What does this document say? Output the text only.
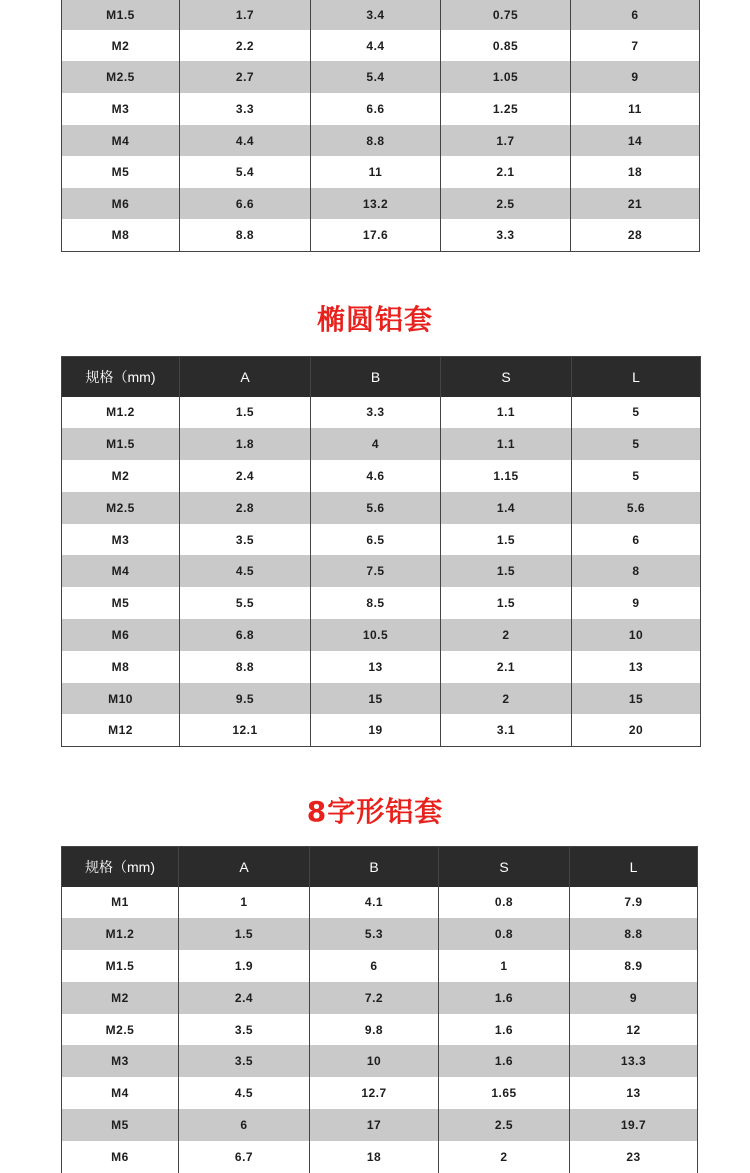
M1.5	1.7	3.4	0.75	6
M2	2.2	4.4	0.85	7
M2.5	2.7	5.4	1.05	9
M3	3.3	6.6	1.25	11
M4	4.4	8.8	1.7	14
M5	5.4	11	2.1	18
M6	6.6	13.2	2.5	21
M8	8.8	17.6	3.3	28
椭圆铝套
规格（mm)	A	B	S	L
M1.2	1.5	3.3	1.1	5
M1.5	1.8	4	1.1	5
M2	2.4	4.6	1.15	5
M2.5	2.8	5.6	1.4	5.6
M3	3.5	6.5	1.5	6
M4	4.5	7.5	1.5	8
M5	5.5	8.5	1.5	9
M6	6.8	10.5	2	10
M8	8.8	13	2.1	13
M10	9.5	15	2	15
M12	12.1	19	3.1	20
8字形铝套
规格（mm)	A	B	S	L
M1	1	4.1	0.8	7.9
M1.2	1.5	5.3	0.8	8.8
M1.5	1.9	6	1	8.9
M2	2.4	7.2	1.6	9
M2.5	3.5	9.8	1.6	12
M3	3.5	10	1.6	13.3
M4	4.5	12.7	1.65	13
M5	6	17	2.5	19.7
M6	6.7	18	2	23
